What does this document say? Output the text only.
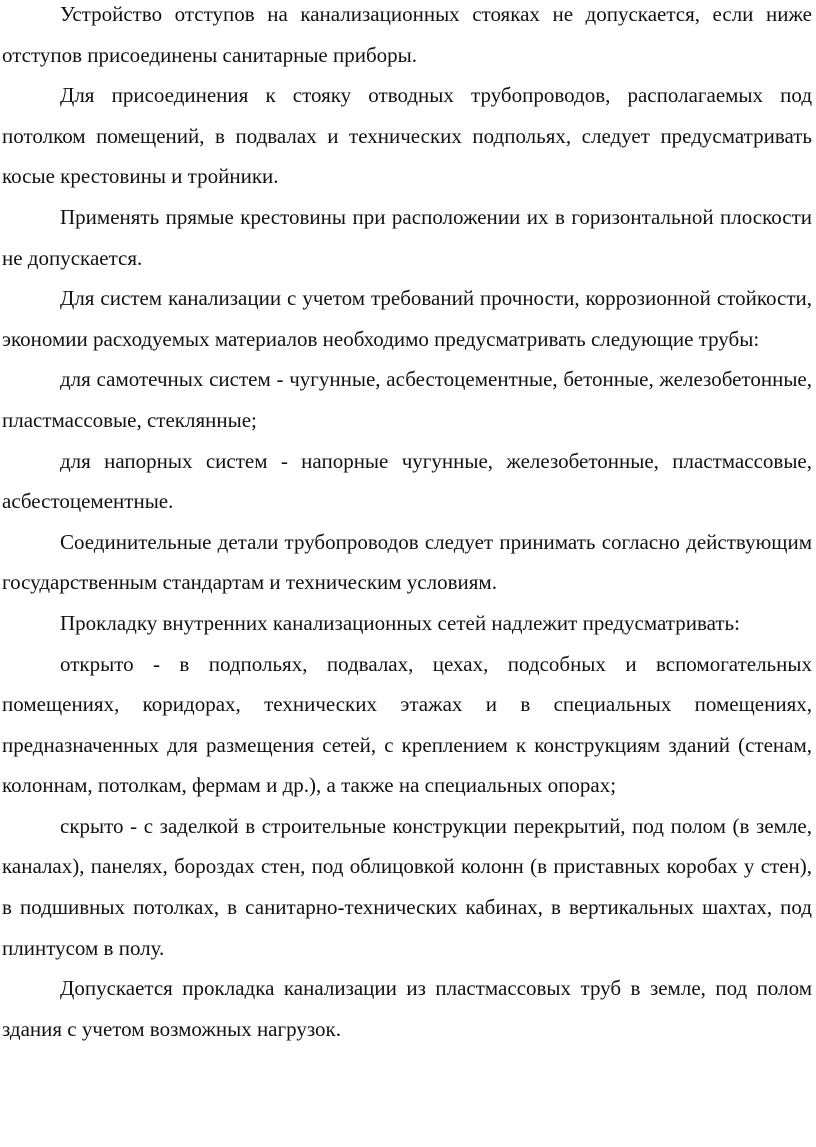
Устройство отступов на канализационных стояках не допускается, если ниже отступов присоединены санитарные приборы.

Для присоединения к стояку отводных трубопроводов, располагаемых под потолком помещений, в подвалах и технических подпольях, следует предусматривать косые крестовины и тройники.

Применять прямые крестовины при расположении их в горизонтальной плоскости не допускается.

Для систем канализации с учетом требований прочности, коррозионной стойкости, экономии расходуемых материалов необходимо предусматривать следующие трубы:

для самотечных систем - чугунные, асбестоцементные, бетонные, железобетонные, пластмассовые, стеклянные;

для напорных систем - напорные чугунные, железобетонные, пластмассовые, асбестоцементные.

Соединительные детали трубопроводов следует принимать согласно действующим государственным стандартам и техническим условиям.

Прокладку внутренних канализационных сетей надлежит предусматривать:

открыто - в подпольях, подвалах, цехах, подсобных и вспомогательных помещениях, коридорах, технических этажах и в специальных помещениях, предназначенных для размещения сетей, с креплением к конструкциям зданий (стенам, колоннам, потолкам, фермам и др.), а также на специальных опорах;

скрыто - с заделкой в строительные конструкции перекрытий, под полом (в земле, каналах), панелях, бороздах стен, под облицовкой колонн (в приставных коробах у стен), в подшивных потолках, в санитарно-технических кабинах, в вертикальных шахтах, под плинтусом в полу.

Допускается прокладка канализации из пластмассовых труб в земле, под полом здания с учетом возможных нагрузок.
